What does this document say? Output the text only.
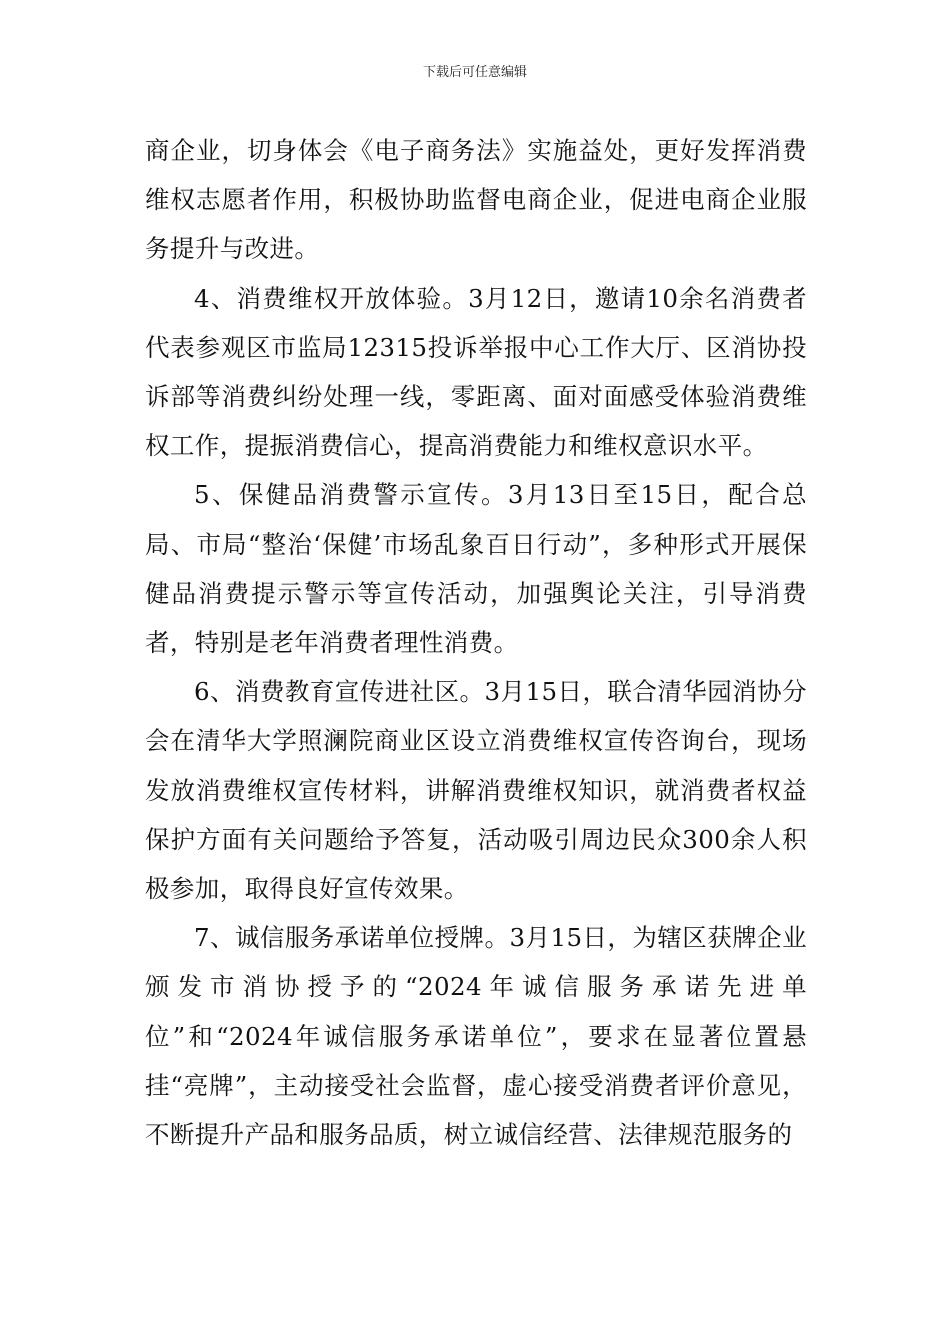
下载后可任意编辑

商企业，切身体会《电子商务法》实施益处，更好发挥消费维权志愿者作用，积极协助监督电商企业，促进电商企业服务提升与改进。

4、消费维权开放体验。3月12日，邀请10余名消费者代表参观区市监局12315投诉举报中心工作大厅、区消协投诉部等消费纠纷处理一线，零距离、面对面感受体验消费维权工作，提振消费信心，提高消费能力和维权意识水平。

5、保健品消费警示宣传。3月13日至15日，配合总局、市局“整治‘保健’市场乱象百日行动”，多种形式开展保健品消费提示警示等宣传活动，加强舆论关注，引导消费者，特别是老年消费者理性消费。

6、消费教育宣传进社区。3月15日，联合清华园消协分会在清华大学照澜院商业区设立消费维权宣传咨询台，现场发放消费维权宣传材料，讲解消费维权知识，就消费者权益保护方面有关问题给予答复，活动吸引周边民众300余人积极参加，取得良好宣传效果。

7、诚信服务承诺单位授牌。3月15日，为辖区获牌企业颁发市消协授予的“2024年诚信服务承诺先进单位”和“2024年诚信服务承诺单位”，要求在显著位置悬挂“亮牌”，主动接受社会监督，虚心接受消费者评价意见，不断提升产品和服务品质，树立诚信经营、法律规范服务的
